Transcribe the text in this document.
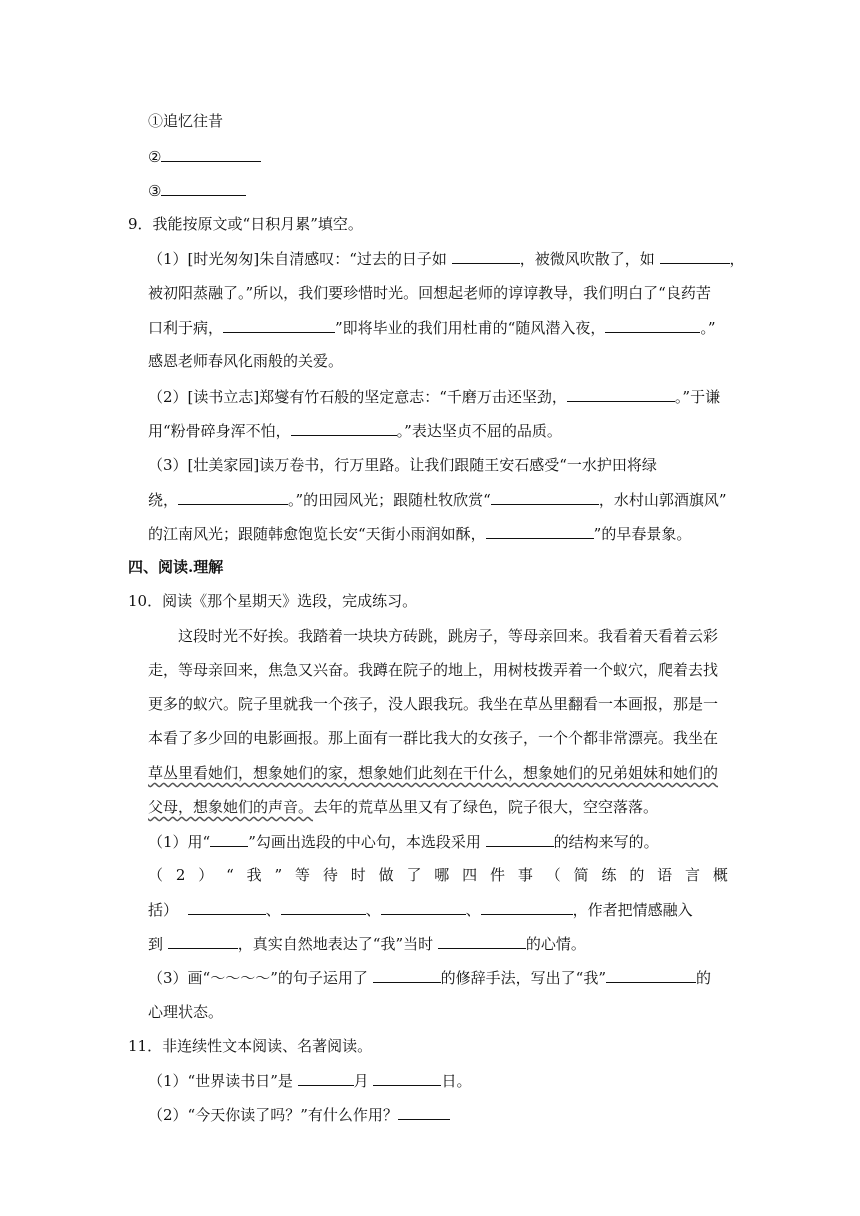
①追忆往昔
②
③
9．我能按原文或“日积月累”填空。
（1）[时光匆匆]朱自清感叹：“过去的日子如	，被微风吹散了，如	，
被初阳蒸融了。”所以，我们要珍惜时光。回想起老师的谆谆教导，我们明白了“良药苦
口利于病，	”即将毕业的我们用杜甫的“随风潜入夜，	。”
感恩老师春风化雨般的关爱。
（2）[读书立志]郑燮有竹石般的坚定意志：“千磨万击还坚劲，	。”于谦
用“粉骨碎身浑不怕，	。”表达坚贞不屈的品质。
（3）[壮美家园]读万卷书，行万里路。让我们跟随王安石感受“一水护田将绿
绕，	。”的田园风光；跟随杜牧欣赏“	，水村山郭酒旗风”
的江南风光；跟随韩愈饱览长安“天街小雨润如酥，	”的早春景象。
四、阅读.理解
10．阅读《那个星期天》选段，完成练习。
这段时光不好挨。我踏着一块块方砖跳，跳房子，等母亲回来。我看着天看着云彩
走，等母亲回来，焦急又兴奋。我蹲在院子的地上，用树枝拨弄着一个蚁穴，爬着去找
更多的蚁穴。院子里就我一个孩子，没人跟我玩。我坐在草丛里翻看一本画报，那是一
本看了多少回的电影画报。那上面有一群比我大的女孩子，一个个都非常漂亮。我坐在
草丛里看她们，想象她们的家，想象她们此刻在干什么，想象她们的兄弟姐妹和她们的
父母，想象她们的声音。去年的荒草丛里又有了绿色，院子很大，空空落落。
（1）用“	”勾画出选段的中心句，本选段采用	的结构来写的。
（ 2 ） “ 我 ” 等 待 时 做 了 哪 四 件 事 （ 简 练 的 语 言 概
括）	、	、	、	，作者把情感融入
到	，真实自然地表达了“我”当时	的心情。
（3）画“～～～～”的句子运用了	的修辞手法，写出了“我”	的
心理状态。
11．非连续性文本阅读、名著阅读。
（1）“世界读书日”是	月	日。
（2）“今天你读了吗？”有什么作用？
